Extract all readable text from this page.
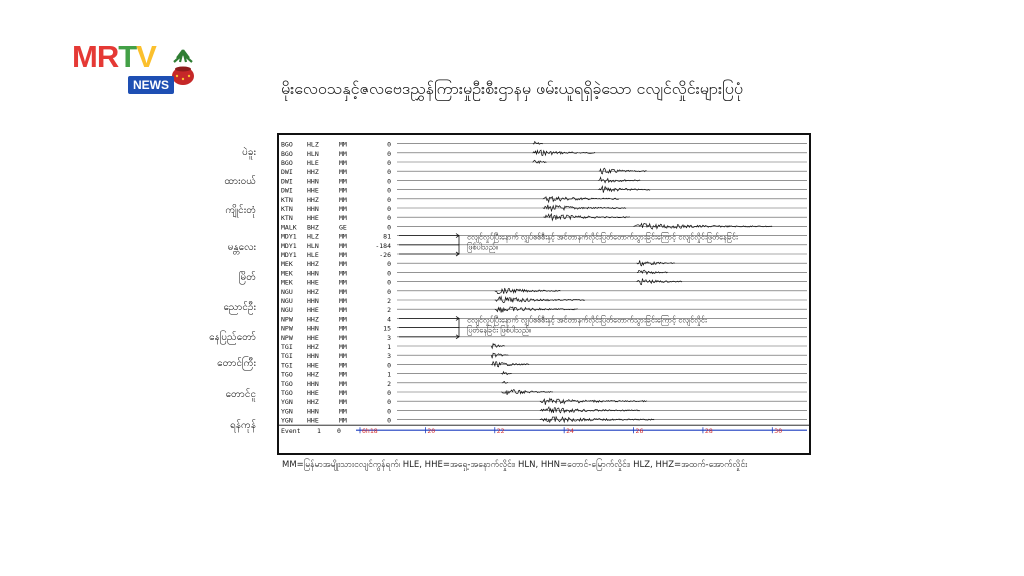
MRTV
NEWS	မိုးလေဝသနှင့်ဇလဗေဒညွှန်ကြားမှုဦးစီးဌာနမှ ဖမ်းယူရရှိခဲ့သော ငလျင်လှိုင်းများပြပုံ
ပဲခူး
ထားဝယ်
ကျိုင်းတုံ
မန္တလေး
မြိတ်
ညောင်ဦး
နေပြည်တော်
တောင်ကြီး
တောင်ငူ
ရန်ကုန်
BGO HLZ	MM	0
BGO HLN	MM	0
BGO HLE	MM	0
DWI HHZ	MM	0
DWI HHN	MM	0
DWI HHE	MM	0
KTN HHZ	MM	0
KTN HHN	MM	0
KTN HHE	MM	0
MALK BHZ	GE	0
MDY1 HLZ	MM	81
MDY1 HLN	MM	-184
MDY1 HLE	MM	-26
MEK HHZ	MM	0
MEK HHN	MM	0
MEK HHE	MM	0
NGU HHZ	MM	0
NGU HHN	MM	2
NGU HHE	MM	2
NPW HHZ	MM	4
NPW HHN	MM	15
NPW HHE	MM	3
TGI HHZ	MM	1
TGI HHN	MM	3
TGI HHE	MM	0
TGO HHZ	MM	1
TGO HHN	MM	2
TGO HHE	MM	0
YGN HHZ	MM	0
YGN HHN	MM	0
YGN HHE	MM	0
ငလျင်လှုပ်ပြီးနောက် လျှပ်စစ်စီးနှင့် အင်တာနက်လိုင်းပြတ်တောက်သွားခြင်းကြောင့် ငလျင်လှိုင်းဖြတ်နေခြင်း
ဖြစ်ပါသည်။
ငလျင်လှုပ်ပြီးနောက် လျှပ်စစ်စီးနှင့် အင်တာနက်လိုင်းပြတ်တောက်သွားခြင်းကြောင့် ငလျင်လှိုင်း
ပြတ်နေခြင်း ဖြစ်ပါသည်။
Event	1 0	6h18	20	22	24	26	28	30
MM=မြန်မာအမျိုးသားငလျင်ကွန်ရက်၊ HLE, HHE=အရှေ့-အနောက်လှိုင်း၊ HLN, HHN=တောင်-မြောက်လှိုင်း၊ HLZ, HHZ=အထက်-အောက်လှိုင်း
